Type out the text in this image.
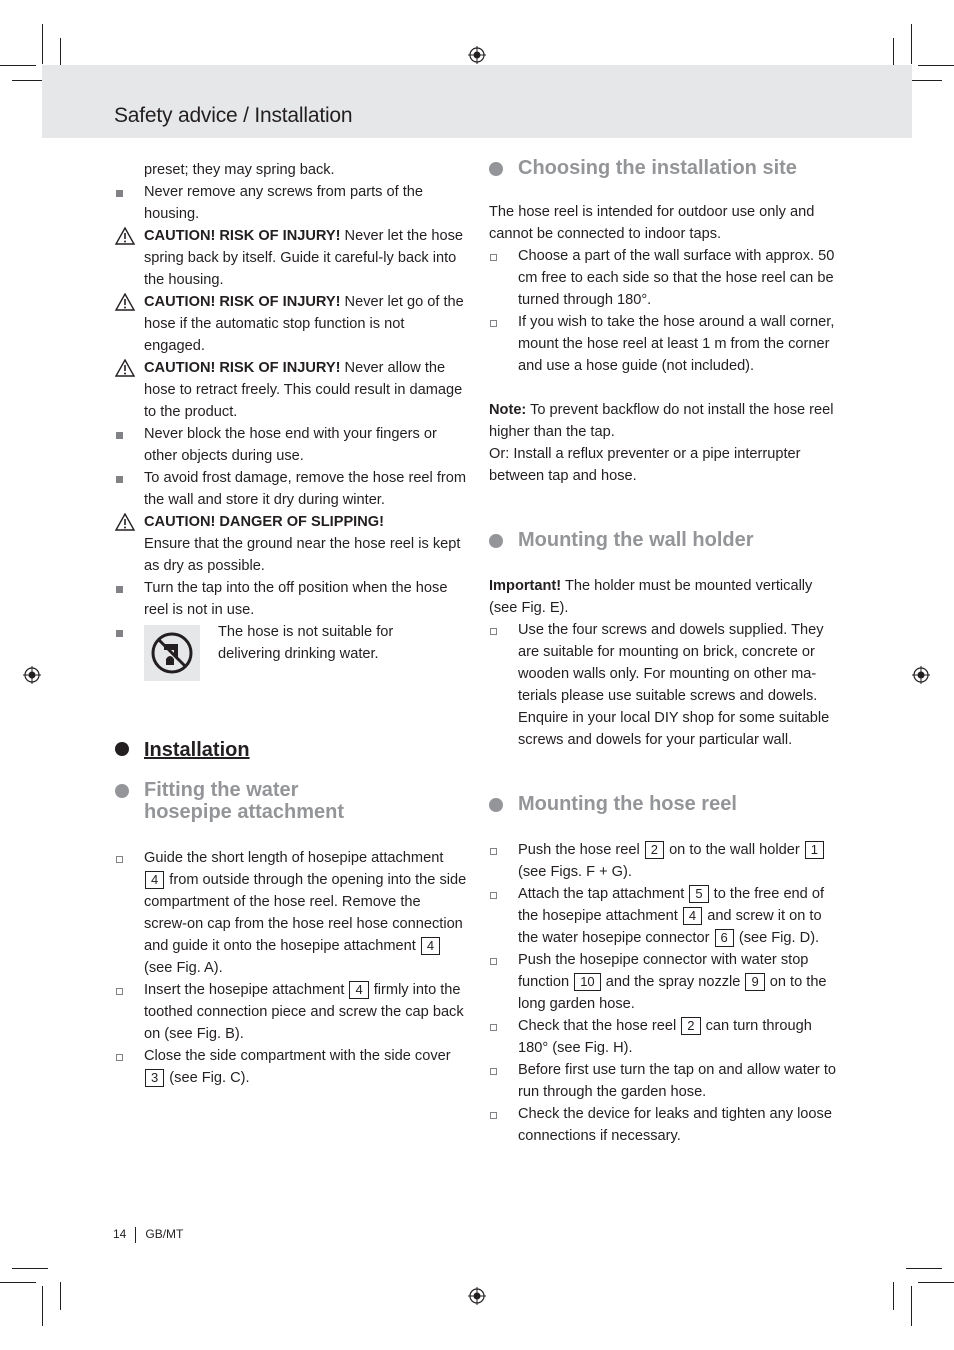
Safety advice / Installation
preset; they may spring back.
Never remove any screws from parts of the housing.
CAUTION! RISK OF INJURY! Never let the hose spring back by itself. Guide it careful-ly back into the housing.
CAUTION! RISK OF INJURY! Never let go of the hose if the automatic stop function is not engaged.
CAUTION! RISK OF INJURY! Never allow the hose to retract freely. This could result in damage to the product.
Never block the hose end with your fingers or other objects during use.
To avoid frost damage, remove the hose reel from the wall and store it dry during winter.
CAUTION! DANGER OF SLIPPING!
Ensure that the ground near the hose reel is kept as dry as possible.
Turn the tap into the off position when the hose reel is not in use.
The hose is not suitable for delivering drinking water.
Installation
Fitting the water
hosepipe attachment
Guide the short length of hosepipe attachment 4 from outside through the opening into the side compartment of the hose reel. Remove the screw-on cap from the hose reel hose connection and guide it onto the hosepipe attachment 4 (see Fig. A).
Insert the hosepipe attachment 4 firmly into the toothed connection piece and screw the cap back on (see Fig. B).
Close the side compartment with the side cover 3 (see Fig. C).
Choosing the installation site
The hose reel is intended for outdoor use only and cannot be connected to indoor taps.
Choose a part of the wall surface with approx. 50 cm free to each side so that the hose reel can be turned through 180°.
If you wish to take the hose around a wall corner, mount the hose reel at least 1 m from the corner and use a hose guide (not included).
Note: To prevent backflow do not install the hose reel higher than the tap.
Or: Install a reflux preventer or a pipe interrupter between tap and hose.
Mounting the wall holder
Important! The holder must be mounted vertically (see Fig. E).
Use the four screws and dowels supplied. They are suitable for mounting on brick, concrete or wooden walls only. For mounting on other ma-terials please use suitable screws and dowels. Enquire in your local DIY shop for some suitable screws and dowels for your particular wall.
Mounting the hose reel
Push the hose reel 2 on to the wall holder 1 (see Figs. F + G).
Attach the tap attachment 5 to the free end of the hosepipe attachment 4 and screw it on to the water hosepipe connector 6 (see Fig. D).
Push the hosepipe connector with water stop function 10 and the spray nozzle 9 on to the long garden hose.
Check that the hose reel 2 can turn through 180° (see Fig. H).
Before first use turn the tap on and allow water to run through the garden hose.
Check the device for leaks and tighten any loose connections if necessary.
14 GB/MT
